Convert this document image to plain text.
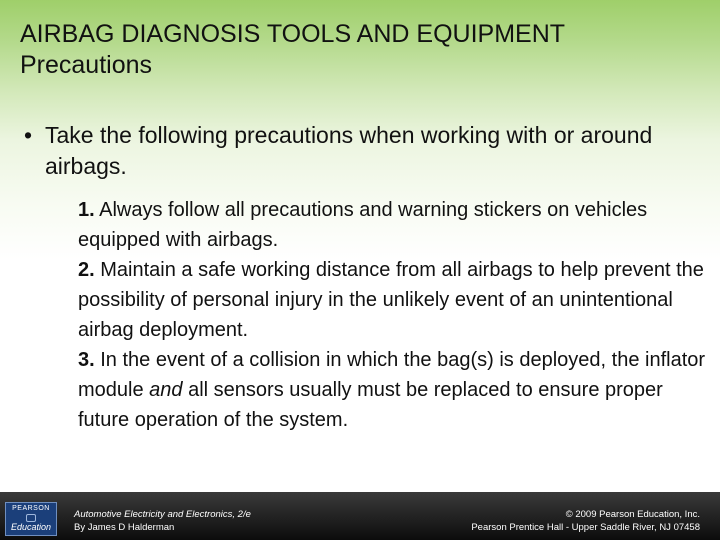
AIRBAG DIAGNOSIS TOOLS AND EQUIPMENT
Precautions
• Take the following precautions when working with or around airbags.

1. Always follow all precautions and warning stickers on vehicles equipped with airbags.

2. Maintain a safe working distance from all airbags to help prevent the possibility of personal injury in the unlikely event of an unintentional airbag deployment.

3. In the event of a collision in which the bag(s) is deployed, the inflator module and all sensors usually must be replaced to ensure proper future operation of the system.

PEARSON
Education
Automotive Electricity and Electronics, 2/e
By James D Halderman
© 2009 Pearson Education, Inc.
Pearson Prentice Hall - Upper Saddle River, NJ 07458
